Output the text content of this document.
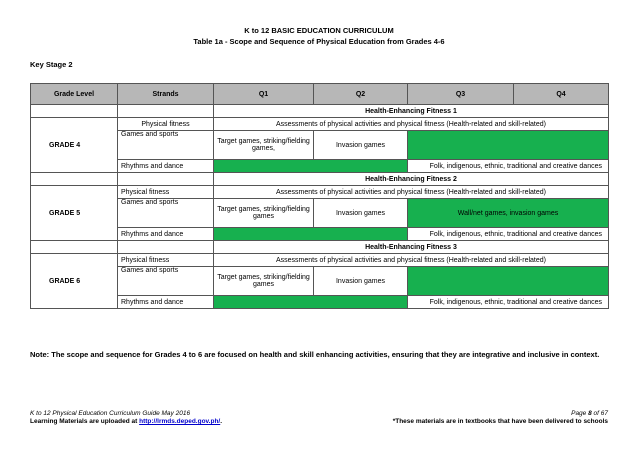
K to 12 BASIC EDUCATION CURRICULUM
Table 1a - Scope and Sequence of Physical Education from Grades 4-6
Key Stage 2
Grade Level	Strands	Q1	Q2	Q3	Q4
		Health-Enhancing Fitness 1			
GRADE 4	Physical fitness	Assessments of physical activities and physical fitness (Health-related and skill-related)			
	Games and sports	Target games, striking/fielding games,	Invasion games		
	Rhythms and dance			Folk, indigenous, ethnic, traditional and creative dances	
		Health-Enhancing Fitness 2			
GRADE 5	Physical fitness	Assessments of physical activities and physical fitness (Health-related and skill-related)			
	Games and sports	Target games, striking/fielding games	Invasion games	Wall/net games, invasion games	
	Rhythms and dance			Folk, indigenous, ethnic, traditional and creative dances	
		Health-Enhancing Fitness 3			
GRADE 6	Physical fitness	Assessments of physical activities and physical fitness (Health-related and skill-related)			
	Games and sports	Target games, striking/fielding games	Invasion games		
	Rhythms and dance			Folk, indigenous, ethnic, traditional and creative dances	
Note: The scope and sequence for Grades 4 to 6 are focused on health and skill enhancing activities, ensuring that they are integrative and inclusive in context.
K to 12 Physical Education Curriculum Guide May 2016
Learning Materials are uploaded at http://lrmds.deped.gov.ph/.
Page 8 of 67
*These materials are in textbooks that have been delivered to schools
